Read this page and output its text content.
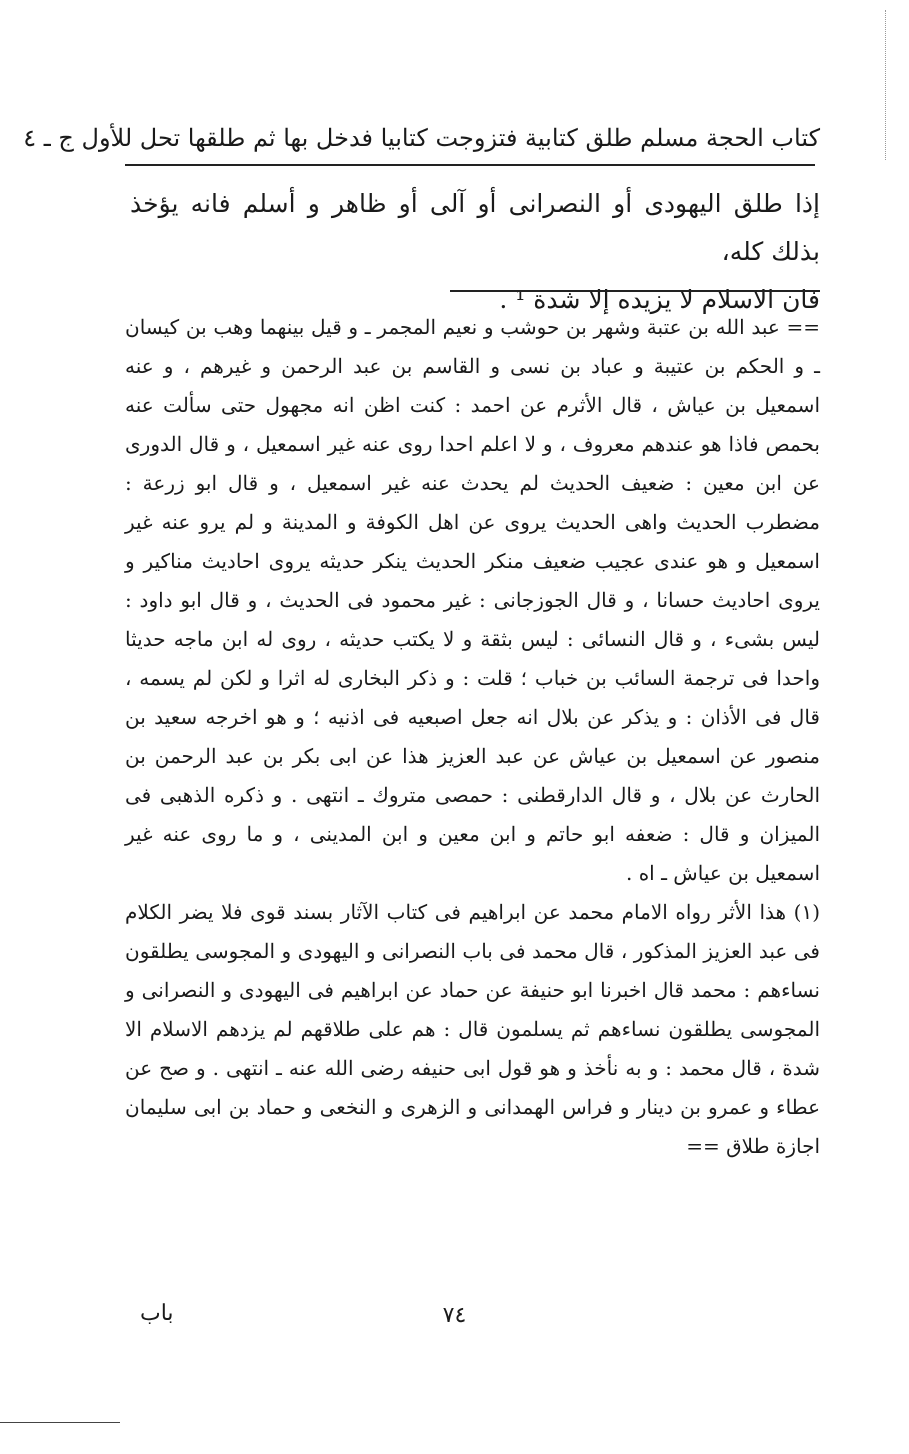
كتاب الحجة مسلم طلق كتابية فتزوجت كتابيا فدخل بها ثم طلقها تحل للأول ج ـ ٤

إذا طلق اليهودى أو النصرانى أو آلى أو ظاهر و أسلم فانه يؤخذ بذلك كله،

فان الاسلام لا يزيده إلا شدة ¹ .

== عبد الله بن عتبة وشهر بن حوشب و نعيم المجمر ـ و قيل بينهما وهب بن كيسان ـ و الحكم بن عتيبة و عباد بن نسى و القاسم بن عبد الرحمن و غيرهم ، و عنه اسمعيل بن عياش ، قال الأثرم عن احمد : كنت اظن انه مجهول حتى سألت عنه بحمص فاذا هو عندهم معروف ، و لا اعلم احدا روى عنه غير اسمعيل ، و قال الدورى عن ابن معين : ضعيف الحديث لم يحدث عنه غير اسمعيل ، و قال ابو زرعة : مضطرب الحديث واهى الحديث يروى عن اهل الكوفة و المدينة و لم يرو عنه غير اسمعيل و هو عندى عجيب ضعيف منكر الحديث ينكر حديثه يروى احاديث مناكير و يروى احاديث حسانا ، و قال الجوزجانى : غير محمود فى الحديث ، و قال ابو داود : ليس بشىء ، و قال النسائى : ليس بثقة و لا يكتب حديثه ، روى له ابن ماجه حديثا واحدا فى ترجمة السائب بن خباب ؛ قلت : و ذكر البخارى له اثرا و لكن لم يسمه ، قال فى الأذان : و يذكر عن بلال انه جعل اصبعيه فى اذنيه ؛ و هو اخرجه سعيد بن منصور عن اسمعيل بن عياش عن عبد العزيز هذا عن ابى بكر بن عبد الرحمن بن الحارث عن بلال ، و قال الدارقطنى : حمصى متروك ـ انتهى . و ذكره الذهبى فى الميزان و قال : ضعفه ابو حاتم و ابن معين و ابن المدينى ، و ما روى عنه غير اسمعيل بن عياش ـ اه .

(١) هذا الأثر رواه الامام محمد عن ابراهيم فى كتاب الآثار بسند قوى فلا يضر الكلام فى عبد العزيز المذكور ، قال محمد فى باب النصرانى و اليهودى و المجوسى يطلقون نساءهم : محمد قال اخبرنا ابو حنيفة عن حماد عن ابراهيم فى اليهودى و النصرانى و المجوسى يطلقون نساءهم ثم يسلمون قال : هم على طلاقهم لم يزدهم الاسلام الا شدة ، قال محمد : و به نأخذ و هو قول ابى حنيفه رضى الله عنه ـ انتهى . و صح عن عطاء و عمرو بن دينار و فراس الهمدانى و الزهرى و النخعى و حماد بن ابى سليمان اجازة طلاق ==

باب	٧٤
